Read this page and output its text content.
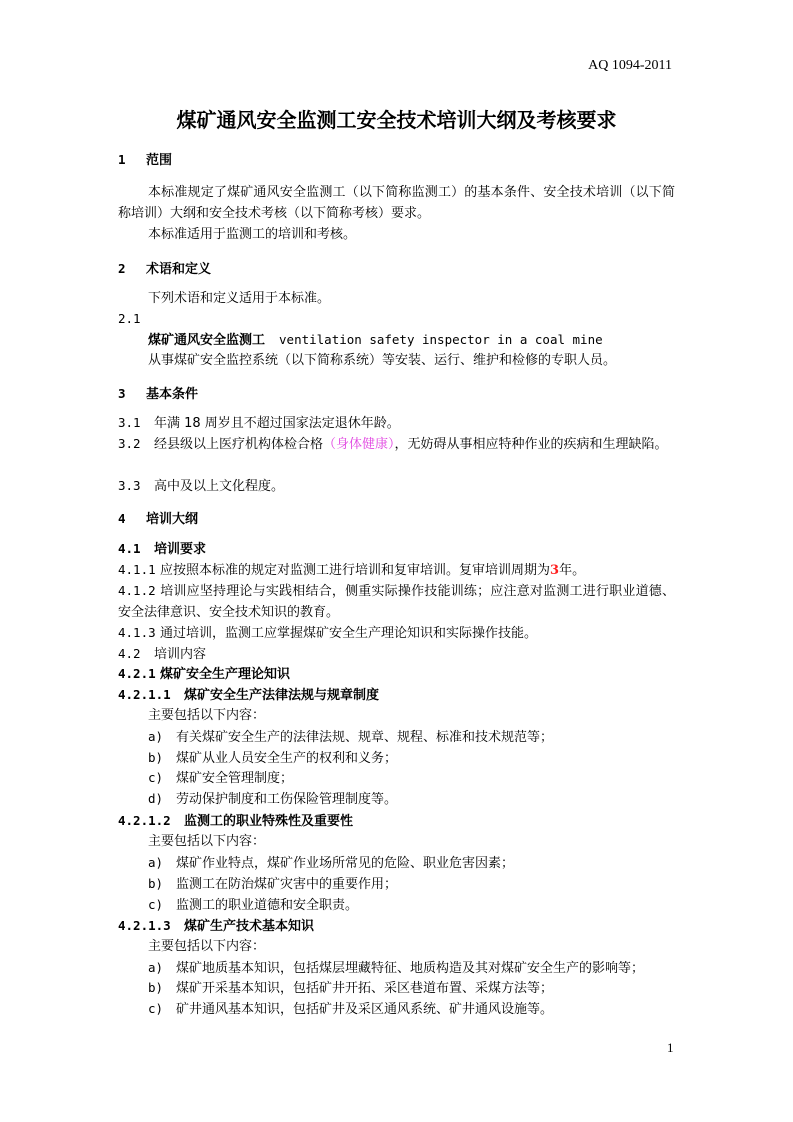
AQ 1094-2011
煤矿通风安全监测工安全技术培训大纲及考核要求
1 范围
本标准规定了煤矿通风安全监测工（以下简称监测工）的基本条件、安全技术培训（以下简称培训）大纲和安全技术考核（以下简称考核）要求。
本标准适用于监测工的培训和考核。
2 术语和定义
下列术语和定义适用于本标准。
2.1
煤矿通风安全监测工 ventilation safety inspector in a coal mine
从事煤矿安全监控系统（以下简称系统）等安装、运行、维护和检修的专职人员。
3 基本条件
3.1 年满 18 周岁且不超过国家法定退休年龄。
3.2 经县级以上医疗机构体检合格（身体健康），无妨碍从事相应特种作业的疾病和生理缺陷。
3.3 高中及以上文化程度。
4 培训大纲
4.1 培训要求
4.1.1 应按照本标准的规定对监测工进行培训和复审培训。复审培训周期为3年。
4.1.2 培训应坚持理论与实践相结合，侧重实际操作技能训练；应注意对监测工进行职业道德、安全法律意识、安全技术知识的教育。
4.1.3 通过培训，监测工应掌握煤矿安全生产理论知识和实际操作技能。
4.2 培训内容
4.2.1 煤矿安全生产理论知识
4.2.1.1 煤矿安全生产法律法规与规章制度
主要包括以下内容：
a) 有关煤矿安全生产的法律法规、规章、规程、标准和技术规范等；
b) 煤矿从业人员安全生产的权利和义务；
c) 煤矿安全管理制度；
d) 劳动保护制度和工伤保险管理制度等。
4.2.1.2 监测工的职业特殊性及重要性
主要包括以下内容：
a) 煤矿作业特点，煤矿作业场所常见的危险、职业危害因素；
b) 监测工在防治煤矿灾害中的重要作用；
c) 监测工的职业道德和安全职责。
4.2.1.3 煤矿生产技术基本知识
主要包括以下内容：
a) 煤矿地质基本知识，包括煤层埋藏特征、地质构造及其对煤矿安全生产的影响等；
b) 煤矿开采基本知识，包括矿井开拓、采区巷道布置、采煤方法等；
c) 矿井通风基本知识，包括矿井及采区通风系统、矿井通风设施等。
1
